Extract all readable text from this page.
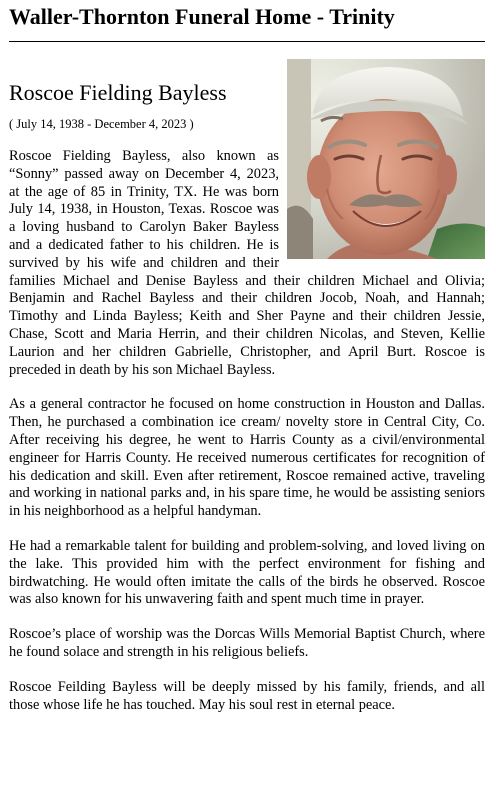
Waller-Thornton Funeral Home - Trinity
Roscoe Fielding Bayless

( July 14, 1938 - December 4, 2023 )

Roscoe Fielding Bayless, also known as “Sonny” passed away on December 4, 2023, at the age of 85 in Trinity, TX. He was born July 14, 1938, in Houston, Texas. Roscoe was a loving husband to Carolyn Baker Bayless and a dedicated father to his children. He is survived by his wife and children and their families Michael and Denise Bayless and their children Michael and Olivia; Benjamin and Rachel Bayless and their children Jocob, Noah, and Hannah; Timothy and Linda Bayless; Keith and Sher Payne and their children Jessie, Chase, Scott and Maria Herrin, and their children Nicolas, and Steven, Kellie Laurion and her children Gabrielle, Christopher, and April Burt. Roscoe is preceded in death by his son Michael Bayless.

As a general contractor he focused on home construction in Houston and Dallas. Then, he purchased a combination ice cream/ novelty store in Central City, Co. After receiving his degree, he went to Harris County as a civil/environmental engineer for Harris County. He received numerous certificates for recognition of his dedication and skill. Even after retirement, Roscoe remained active, traveling and working in national parks and, in his spare time, he would be assisting seniors in his neighborhood as a helpful handyman.

He had a remarkable talent for building and problem-solving, and loved living on the lake. This provided him with the perfect environment for fishing and birdwatching. He would often imitate the calls of the birds he observed. Roscoe was also known for his unwavering faith and spent much time in prayer.

Roscoe’s place of worship was the Dorcas Wills Memorial Baptist Church, where he found solace and strength in his religious beliefs.

Roscoe Feilding Bayless will be deeply missed by his family, friends, and all those whose life he has touched. May his soul rest in eternal peace.
